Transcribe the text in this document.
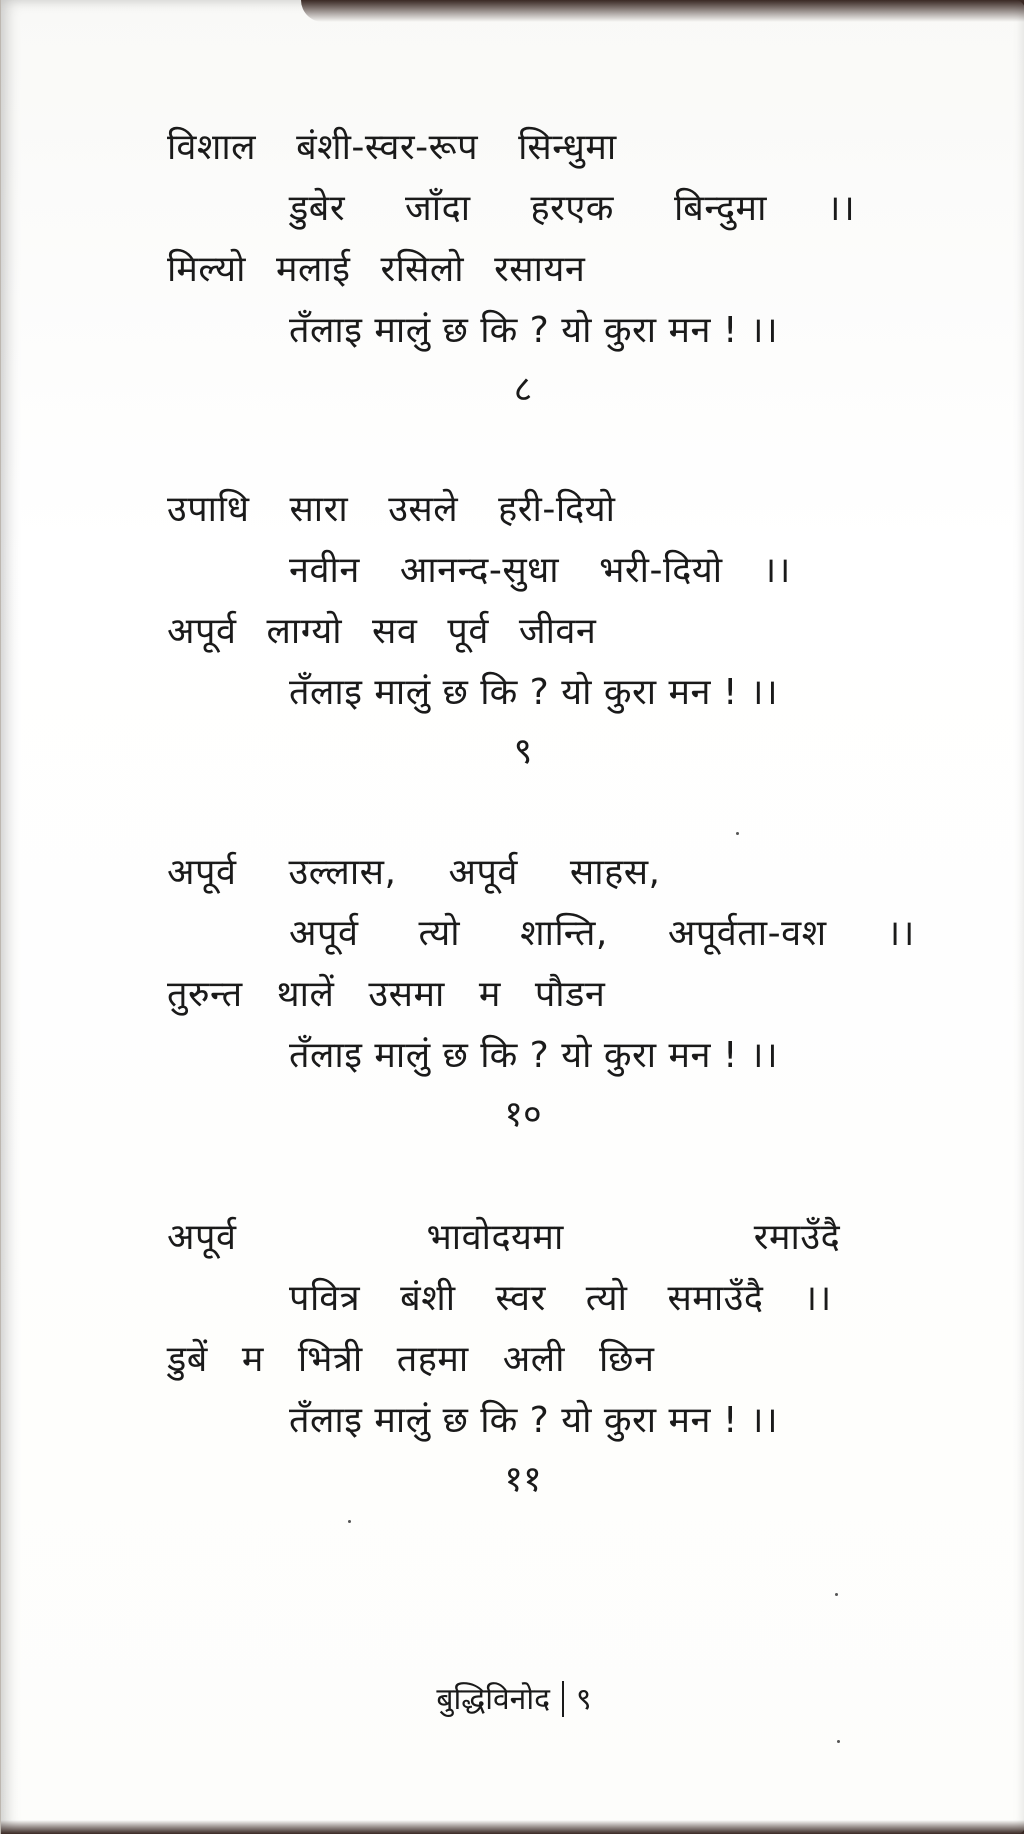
विशाल बंशी-स्वर-रूप सिन्धुमा
डुबेर जाँदा हरएक बिन्दुमा ।।
मिल्यो मलाई रसिलो रसायन
तँलाइ मालुं छ कि ? यो कुरा मन ! ।।
८
उपाधि सारा उसले हरी-दियो
नवीन आनन्द-सुधा भरी-दियो ।।
अपूर्व लाग्यो सव पूर्व जीवन
तँलाइ मालुं छ कि ? यो कुरा मन ! ।।
९
अपूर्व उल्लास, अपूर्व साहस,
अपूर्व त्यो शान्ति, अपूर्वता-वश ।।
तुरुन्त थालें उसमा म पौडन
तँलाइ मालुं छ कि ? यो कुरा मन ! ।।
१०
अपूर्व	भावोदयमा	रमाउँदै
पवित्र बंशी स्वर त्यो समाउँदै ।।
डुबें म भित्री तहमा अली छिन
तँलाइ मालुं छ कि ? यो कुरा मन ! ।।
११
बुद्धिविनोद ९
